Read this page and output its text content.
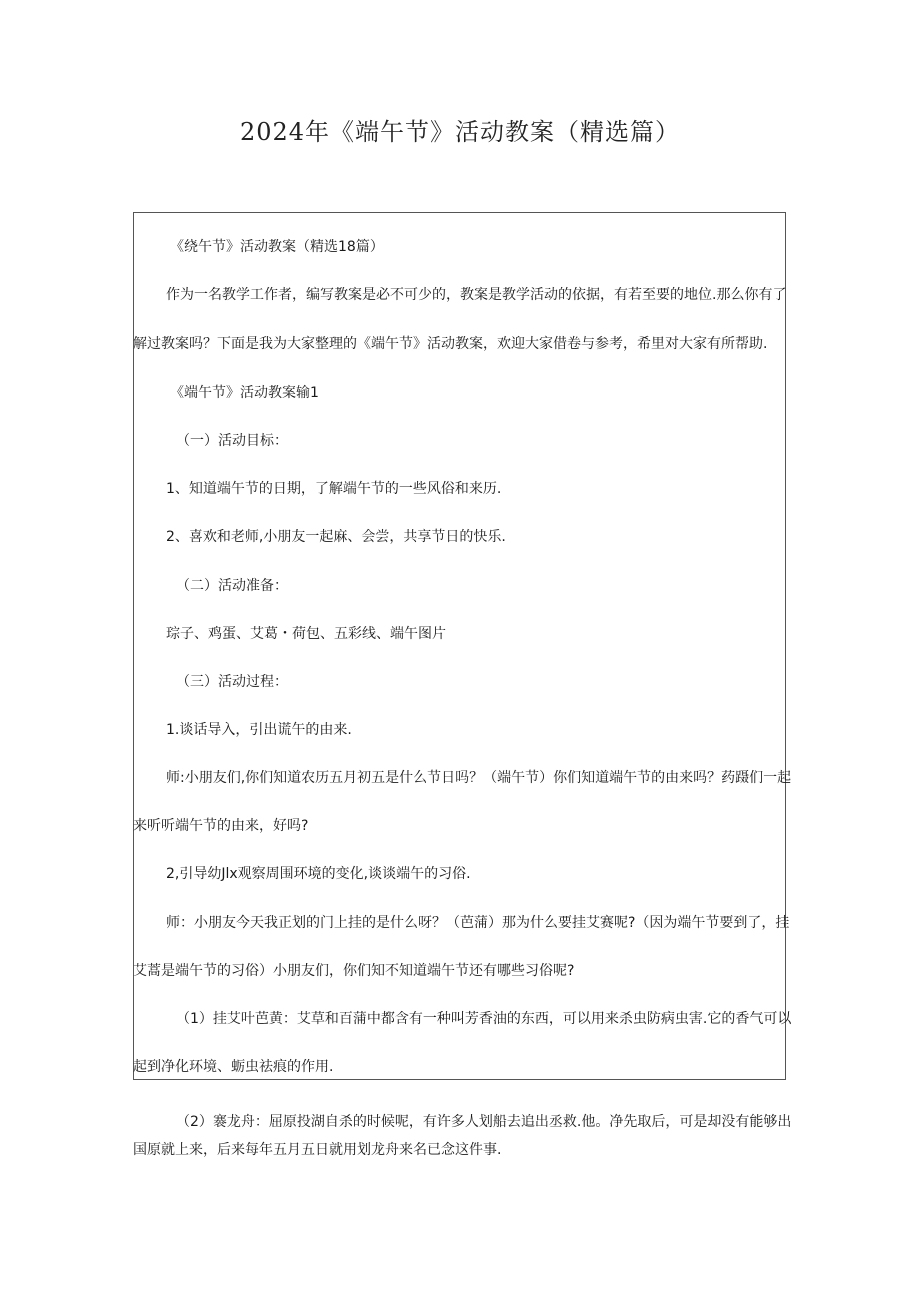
2024年《端午节》活动教案（精选篇）
《绕午节》活动教案（精选18篇）
作为一名教学工作者，编写教案是必不可少的，教案是教学活动的依据，有若至要的地位.那么你有了
解过教案吗？下面是我为大家整理的《端午节》活动教案，欢迎大家借卷与参考，希里对大家有所帮助.
《端午节》活动教案输1
（一）活动目标：
1、知道端午节的日期，了解端午节的一些风俗和来历.
2、喜欢和老师,小朋友一起麻、会尝，共享节日的快乐.
（二）活动准备：
琮子、鸡蛋、艾葛・荷包、五彩线、端午图片
（三）活动过程：
1.谈话导入，引出谎午的由来.
师:小朋友们,你们知道农历五月初五是什么节日吗？（端午节）你们知道端午节的由来吗？药蹑们一起
来听听端午节的由来，好吗?
2,引导幼Jlx观察周围环境的变化,谈谈端午的习俗.
师：小朋友今天我正划的门上挂的是什么呀？（芭蒲）那为什么要挂艾赛呢?（因为端午节要到了，挂
艾蒿是端午节的习俗）小朋友们，你们知不知道端午节还有哪些习俗呢?
（1）挂艾叶芭黄：艾草和百蒲中都含有一种叫芳香油的东西，可以用来杀虫防病虫害.它的香气可以
起到净化环境、蛎虫祛痕的作用.
（2）褰龙舟：屈原投湖自杀的时候呢，有许多人划船去追出丞救.他。净先取后，可是却没有能够出
国原就上来，后来每年五月五日就用划龙舟来名已念这件事.
